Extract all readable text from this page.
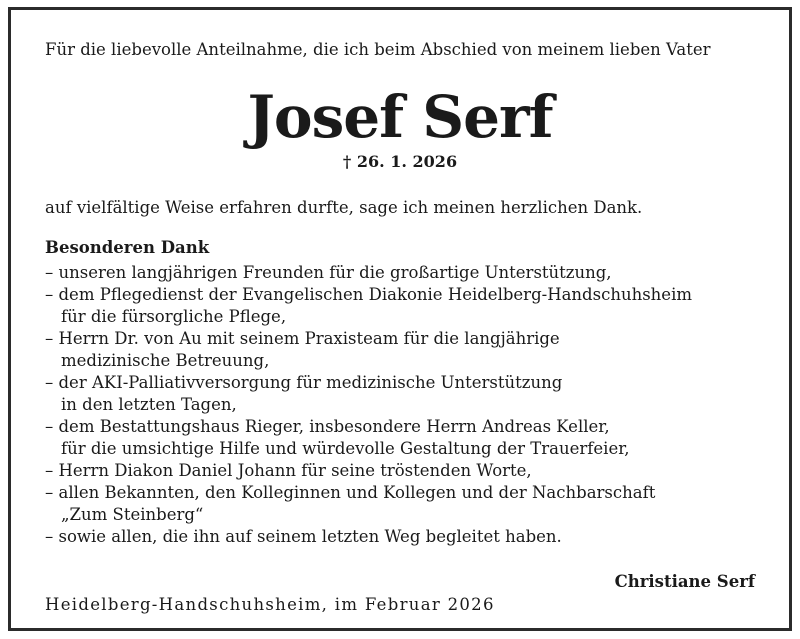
Für die liebevolle Anteilnahme, die ich beim Abschied von meinem lieben Vater
Josef Serf
† 26. 1. 2026
auf vielfältige Weise erfahren durfte, sage ich meinen herzlichen Dank.
Besonderen Dank
– unseren langjährigen Freunden für die großartige Unterstützung,
– dem Pflegedienst der Evangelischen Diakonie Heidelberg-Handschuhsheim
für die fürsorgliche Pflege,
– Herrn Dr. von Au mit seinem Praxisteam für die langjährige
medizinische Betreuung,
– der AKI-Palliativversorgung für medizinische Unterstützung
in den letzten Tagen,
– dem Bestattungshaus Rieger, insbesondere Herrn Andreas Keller,
für die umsichtige Hilfe und würdevolle Gestaltung der Trauerfeier,
– Herrn Diakon Daniel Johann für seine tröstenden Worte,
– allen Bekannten, den Kolleginnen und Kollegen und der Nachbarschaft
„Zum Steinberg“
– sowie allen, die ihn auf seinem letzten Weg begleitet haben.
Christiane Serf
Heidelberg-Handschuhsheim, im Februar 2026
